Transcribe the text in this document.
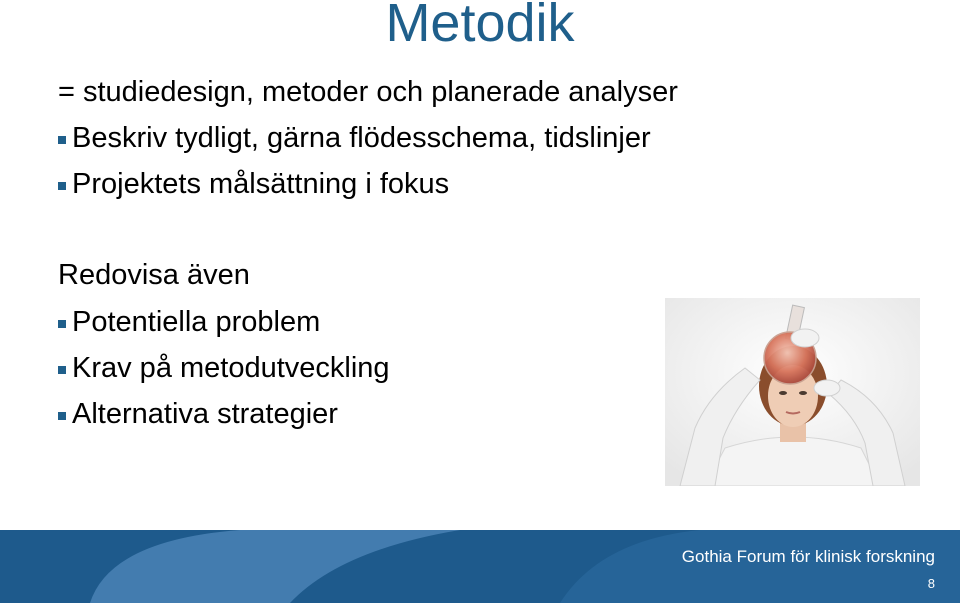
Metodik
= studiedesign, metoder och planerade analyser
Beskriv tydligt, gärna flödesschema, tidslinjer
Projektets målsättning i fokus
Redovisa även
Potentiella problem
Krav på metodutveckling
Alternativa strategier
Gothia Forum för klinisk forskning
8
